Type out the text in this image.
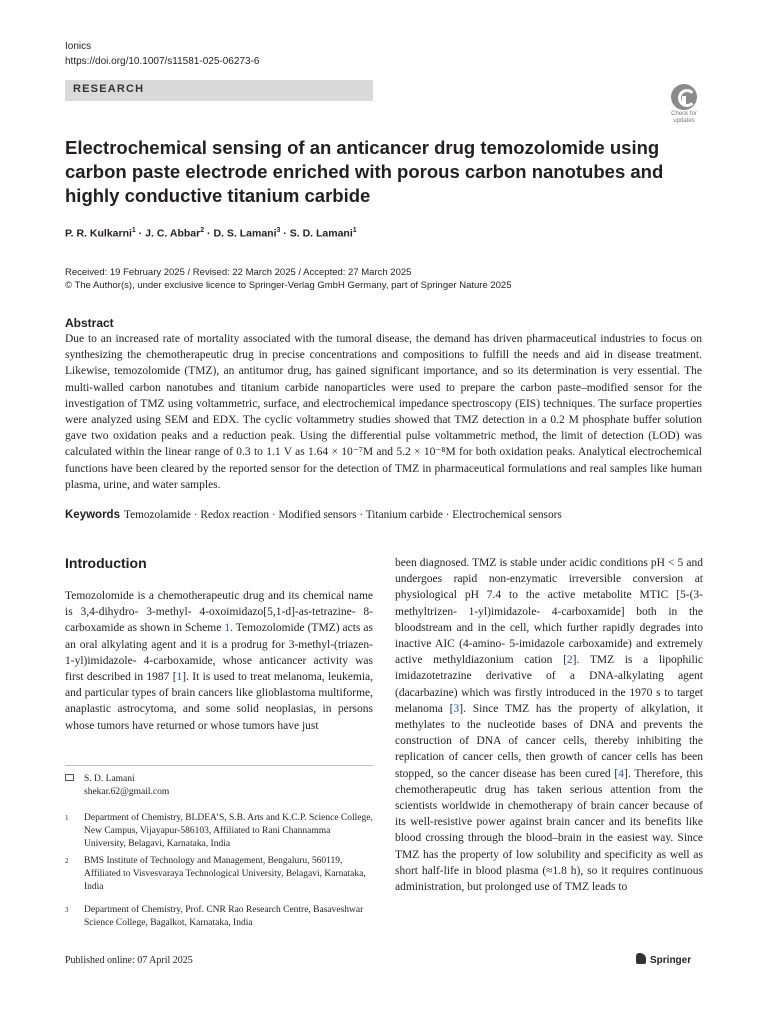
Ionics
https://doi.org/10.1007/s11581-025-06273-6
RESEARCH
Check for updates
Electrochemical sensing of an anticancer drug temozolomide using carbon paste electrode enriched with porous carbon nanotubes and highly conductive titanium carbide
P. R. Kulkarni$^1$ · J. C. Abbar$^2$ · D. S. Lamani$^3$ · S. D. Lamani$^1$
Received: 19 February 2025 / Revised: 22 March 2025 / Accepted: 27 March 2025
© The Author(s), under exclusive licence to Springer-Verlag GmbH Germany, part of Springer Nature 2025
Abstract

Due to an increased rate of mortality associated with the tumoral disease, the demand has driven pharmaceutical industries to focus on synthesizing the chemotherapeutic drug in precise concentrations and compositions to fulfill the needs and aid in disease treatment. Likewise, temozolomide (TMZ), an antitumor drug, has gained significant importance, and so its determination is very essential. The multi-walled carbon nanotubes and titanium carbide nanoparticles were used to prepare the carbon paste–modified sensor for the investigation of TMZ using voltammetric, surface, and electrochemical impedance spectroscopy (EIS) techniques. The surface properties were analyzed using SEM and EDX. The cyclic voltammetry studies showed that TMZ detection in a 0.2 M phosphate buffer solution gave two oxidation peaks and a reduction peak. Using the differential pulse voltammetric method, the limit of detection (LOD) was calculated within the linear range of 0.3 to 1.1 V as 1.64 × 10⁻⁷M and 5.2 × 10⁻⁸M for both oxidation peaks. Analytical electrochemical functions have been cleared by the reported sensor for the detection of TMZ in pharmaceutical formulations and real samples like human plasma, urine, and water samples.

Keywords Temozolamide · Redox reaction · Modified sensors · Titanium carbide · Electrochemical sensors
Introduction

Temozolomide is a chemotherapeutic drug and its chemical name is 3,4-dihydro- 3-methyl- 4-oxoimidazo[5,1-d]-as-tetrazine- 8-carboxamide as shown in Scheme 1. Temozolomide (TMZ) acts as an oral alkylating agent and it is a prodrug for 3-methyl-(triazen- 1-yl)imidazole- 4-carboxamide, whose anticancer activity was first described in 1987 [1]. It is used to treat melanoma, leukemia, and particular types of brain cancers like glioblastoma multiforme, anaplastic astrocytoma, and some solid neoplasias, in persons whose tumors have returned or whose tumors have just

been diagnosed. TMZ is stable under acidic conditions pH < 5 and undergoes rapid non-enzymatic irreversible conversion at physiological pH 7.4 to the active metabolite MTIC [5-(3-methyltrizen- 1-yl)imidazole- 4-carboxamide] both in the bloodstream and in the cell, which further rapidly degrades into inactive AIC (4-amino- 5-imidazole carboxamide) and extremely active methyldiazonium cation [2]. TMZ is a lipophilic imidazotetrazine derivative of a DNA-alkylating agent (dacarbazine) which was firstly introduced in the 1970 s to target melanoma [3]. Since TMZ has the property of alkylation, it methylates to the nucleotide bases of DNA and prevents the construction of DNA of cancer cells, thereby inhibiting the replication of cancer cells, then growth of cancer cells has been stopped, so the cancer disease has been cured [4]. Therefore, this chemotherapeutic drug has taken serious attention from the scientists worldwide in chemotherapy of brain cancer because of its well-resistive power against brain cancer and its benefits like blood crossing through the blood–brain in the easiest way. Since TMZ has the property of low solubility and specificity as well as short half-life in blood plasma (≈1.8 h), so it requires continuous administration, but prolonged use of TMZ leads to

S. D. Lamani
shekar.62@gmail.com
1 Department of Chemistry, BLDEA’S, S.B. Arts and K.C.P. Science College, New Campus, Vijayapur-586103, Affiliated to Rani Channamma University, Belagavi, Karnataka, India
2 BMS Institute of Technology and Management, Bengaluru, 560119, Affiliated to Visvesvaraya Technological University, Belagavi, Karnataka, India
3 Department of Chemistry, Prof. CNR Rao Research Centre, Basaveshwar Science College, Bagalkot, Karnataka, India
Published online: 07 April 2025	Springer
